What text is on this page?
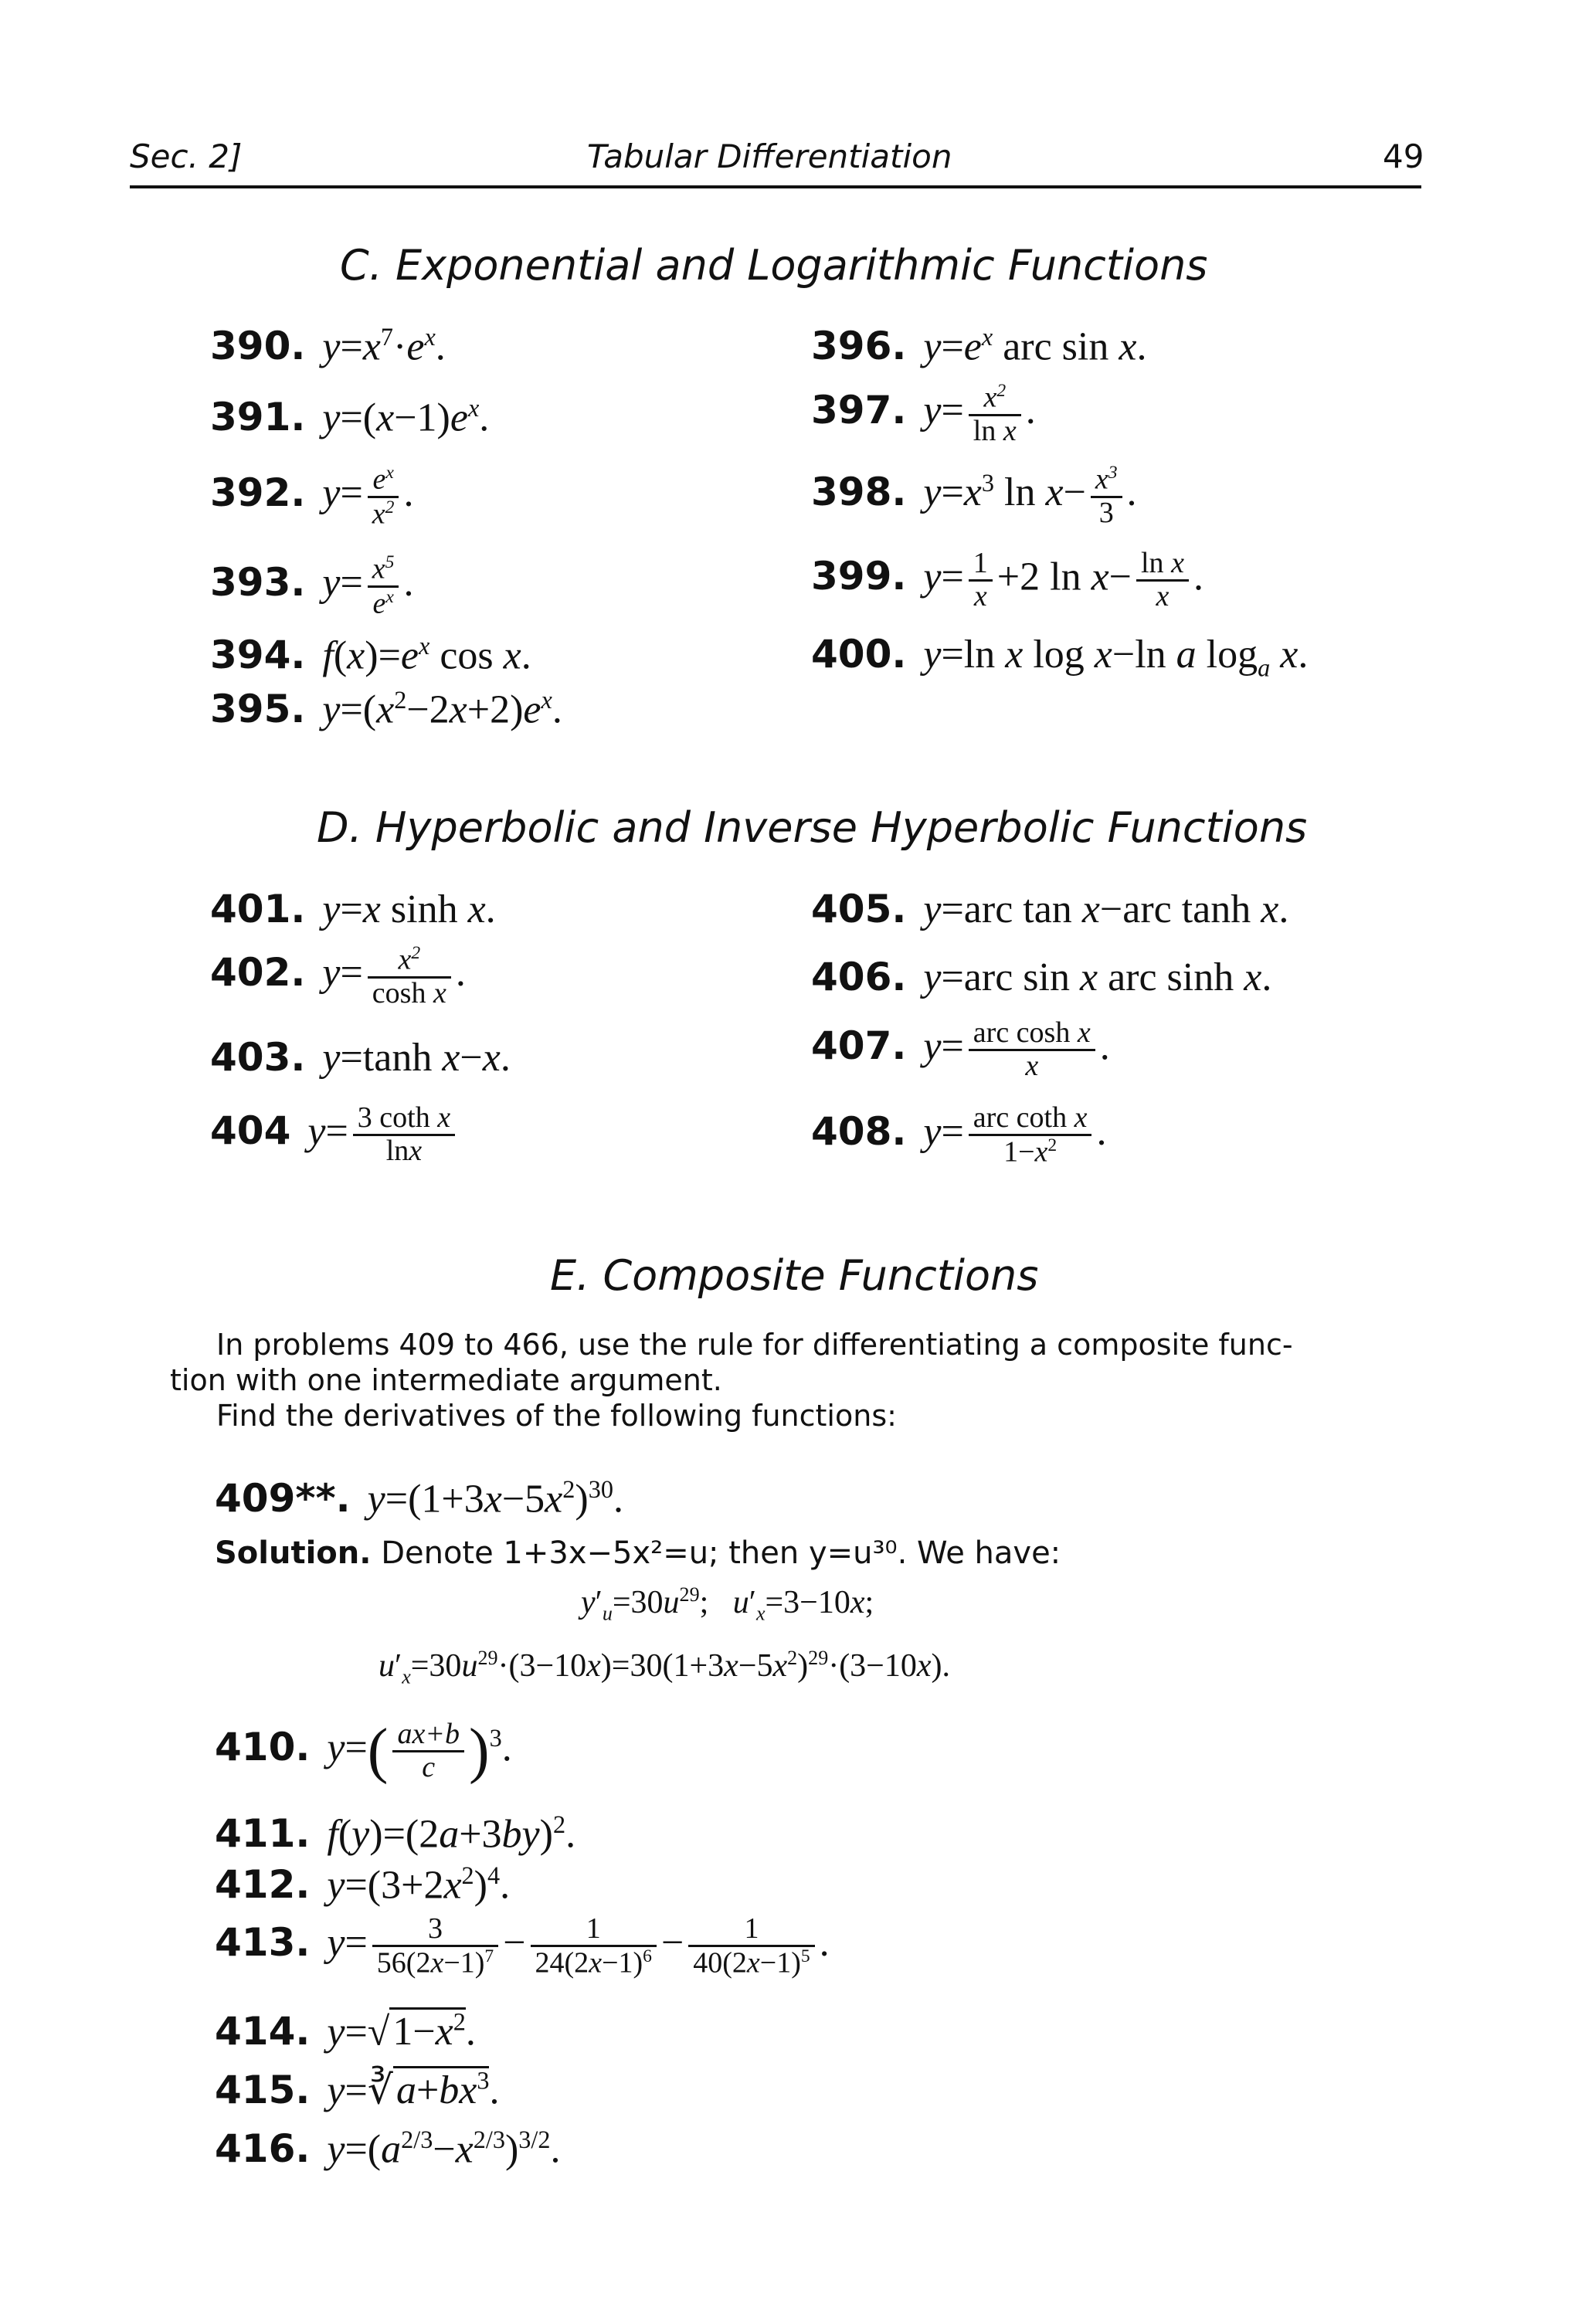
Sec. 2]	Tabular Differentiation	49
C. Exponential and Logarithmic Functions
390. $y=x^7\cdot e^x$.
391. $y=(x-1)e^x$.
392. $y= \frac{e^x}{x^2}$ .
393. $y= \frac{x^5}{e^x}$ .
394. $f(x)=e^x$ cos x.
395. $y=(x^2-2x+2)e^x$.
396. $y=e^x$ arc sin x.
397. $y= \frac{x^2}{\text{ln x}}$ .
398. $y=x^3$ $\ln x- \frac{x^3}{3}$ .
399. $y= \frac{1}{x} +2$ $\ln x- \frac{\text{ln x}}{x}$ .
400. y=ln x log x−ln a $\log_a x$.
D. Hyperbolic and Inverse Hyperbolic Functions
401. y=x sinh x.
402. $y= \frac{x^2}{\text{cosh x}}$ .
403. y=tanh x−x.
404 $y= \frac{\text{3 coth x}}{\ln x}$
405. y=arc tan x−arc tanh x.
406. y=arc sin x arc sinh x.
407. $y= \frac{\text{arc cosh x}}{x}$ .
408. $y= \frac{\text{arc coth x}}{1-x^2}$ .
E. Composite Functions
In problems 409 to 466, use the rule for differentiating a composite func-
tion with one intermediate argument.
Find the derivatives of the following functions:
409**. $y=(1+3x-5x^2)^{30}$.
Solution. Denote 1+3x−5x²=u; then y=u³⁰. We have:
$y'_u=30u^{29}$;   $u'_x=3-10x$;
$u'_x=30u^{29}\cdot(3-10x)=30(1+3x-5x^2)^{29}\cdot(3-10x)$.
410. $y=( \frac{ax+b}{c} )^3$.
411. $f(y)=(2a+3by)^2$.
412. $y=(3+2x^2)^4$.
413. $y= \frac{3}{56(2x-1)^7} - \frac{1}{24(2x-1)^6} - \frac{1}{40(2x-1)^5}$ .
414. $y=√1-x^2$.
415. $y=∛a+bx^3$.
416. $y=(a^{2/3}-x^{2/3})^{3/2}$.
